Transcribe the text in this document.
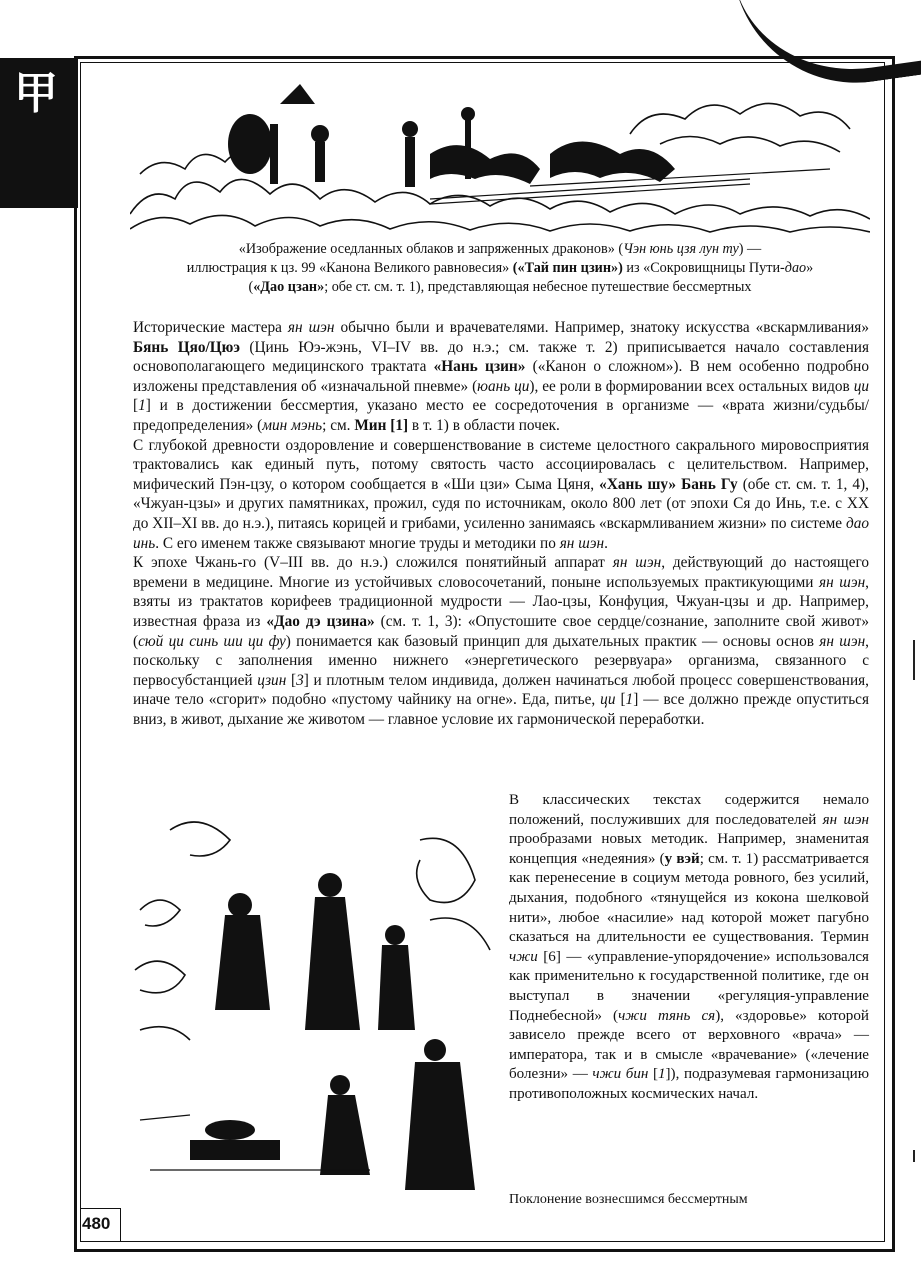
甲
480
«Изображение оседланных облаков и запряженных драконов» (Чэн юнь цзя лун ту) —
иллюстрация к цз. 99 «Канона Великого равновесия» («Тай пин цзин») из «Сокровищницы Пути-дао»
(«Дао цзан»; обе ст. см. т. 1), представляющая небесное путешествие бессмертных

Исторические мастера ян шэн обычно были и врачевателями. Например, знатоку искусства «вскармливания» Бянь Цяо/Цюэ (Цинь Юэ-жэнь, VI–IV вв. до н.э.; см. также т. 2) приписывается начало составления основополагающего медицинского трактата «Нань цзин» («Канон о сложном»). В нем особенно подробно изложены представления об «изначальной пневме» (юань ци), ее роли в формировании всех остальных видов ци [1] и в достижении бессмертия, указано место ее сосредоточения в организме — «врата жизни/судьбы/предопределения» (мин мэнь; см. Мин [1] в т. 1) в области почек.

С глубокой древности оздоровление и совершенствование в системе целостного сакрального мировосприятия трактовались как единый путь, потому святость часто ассоциировалась с целительством. Например, мифический Пэн-цзу, о котором сообщается в «Ши цзи» Сыма Цяня, «Хань шу» Бань Гу (обе ст. см. т. 1, 4), «Чжуан-цзы» и других памятниках, прожил, судя по источникам, около 800 лет (от эпохи Ся до Инь, т.е. с XX до XII–XI вв. до н.э.), питаясь корицей и грибами, усиленно занимаясь «вскармливанием жизни» по системе дао инь. С его именем также связывают многие труды и методики по ян шэн.

К эпохе Чжань-го (V–III вв. до н.э.) сложился понятийный аппарат ян шэн, действующий до настоящего времени в медицине. Многие из устойчивых словосочетаний, поныне используемых практикующими ян шэн, взяты из трактатов корифеев традиционной мудрости — Лао-цзы, Конфуция, Чжуан-цзы и др. Например, известная фраза из «Дао дэ цзина» (см. т. 1, 3): «Опустошите свое сердце/сознание, заполните свой живот» (сюй ци синь ши ци фу) понимается как базовый принцип для дыхательных практик — основы основ ян шэн, поскольку с заполнения именно нижнего «энергетического резервуара» организма, связанного с первосубстанцией цзин [3] и плотным телом индивида, должен начинаться любой процесс совершенствования, иначе тело «сгорит» подобно «пустому чайнику на огне». Еда, питье, ци [1] — все должно прежде опуститься вниз, в живот, дыхание же животом — главное условие их гармонической переработки.

В классических текстах содержится немало положений, послуживших для последователей ян шэн прообразами новых методик. Например, знаменитая концепция «недеяния» (у вэй; см. т. 1) рассматривается как перенесение в социум метода ровного, без усилий, дыхания, подобного «тянущейся из кокона шелковой нити», любое «насилие» над которой может пагубно сказаться на длительности ее существования. Термин чжи [6] — «управление-упорядочение» использовался как применительно к государственной политике, где он выступал в значении «регуляция-управление Поднебесной» (чжи тянь ся), «здоровье» которой зависело прежде всего от верховного «врача» — императора, так и в смысле «врачевание» («лечение болезни» — чжи бин [1]), подразумевая гармонизацию противоположных космических начал.

Поклонение вознесшимся бессмертным
